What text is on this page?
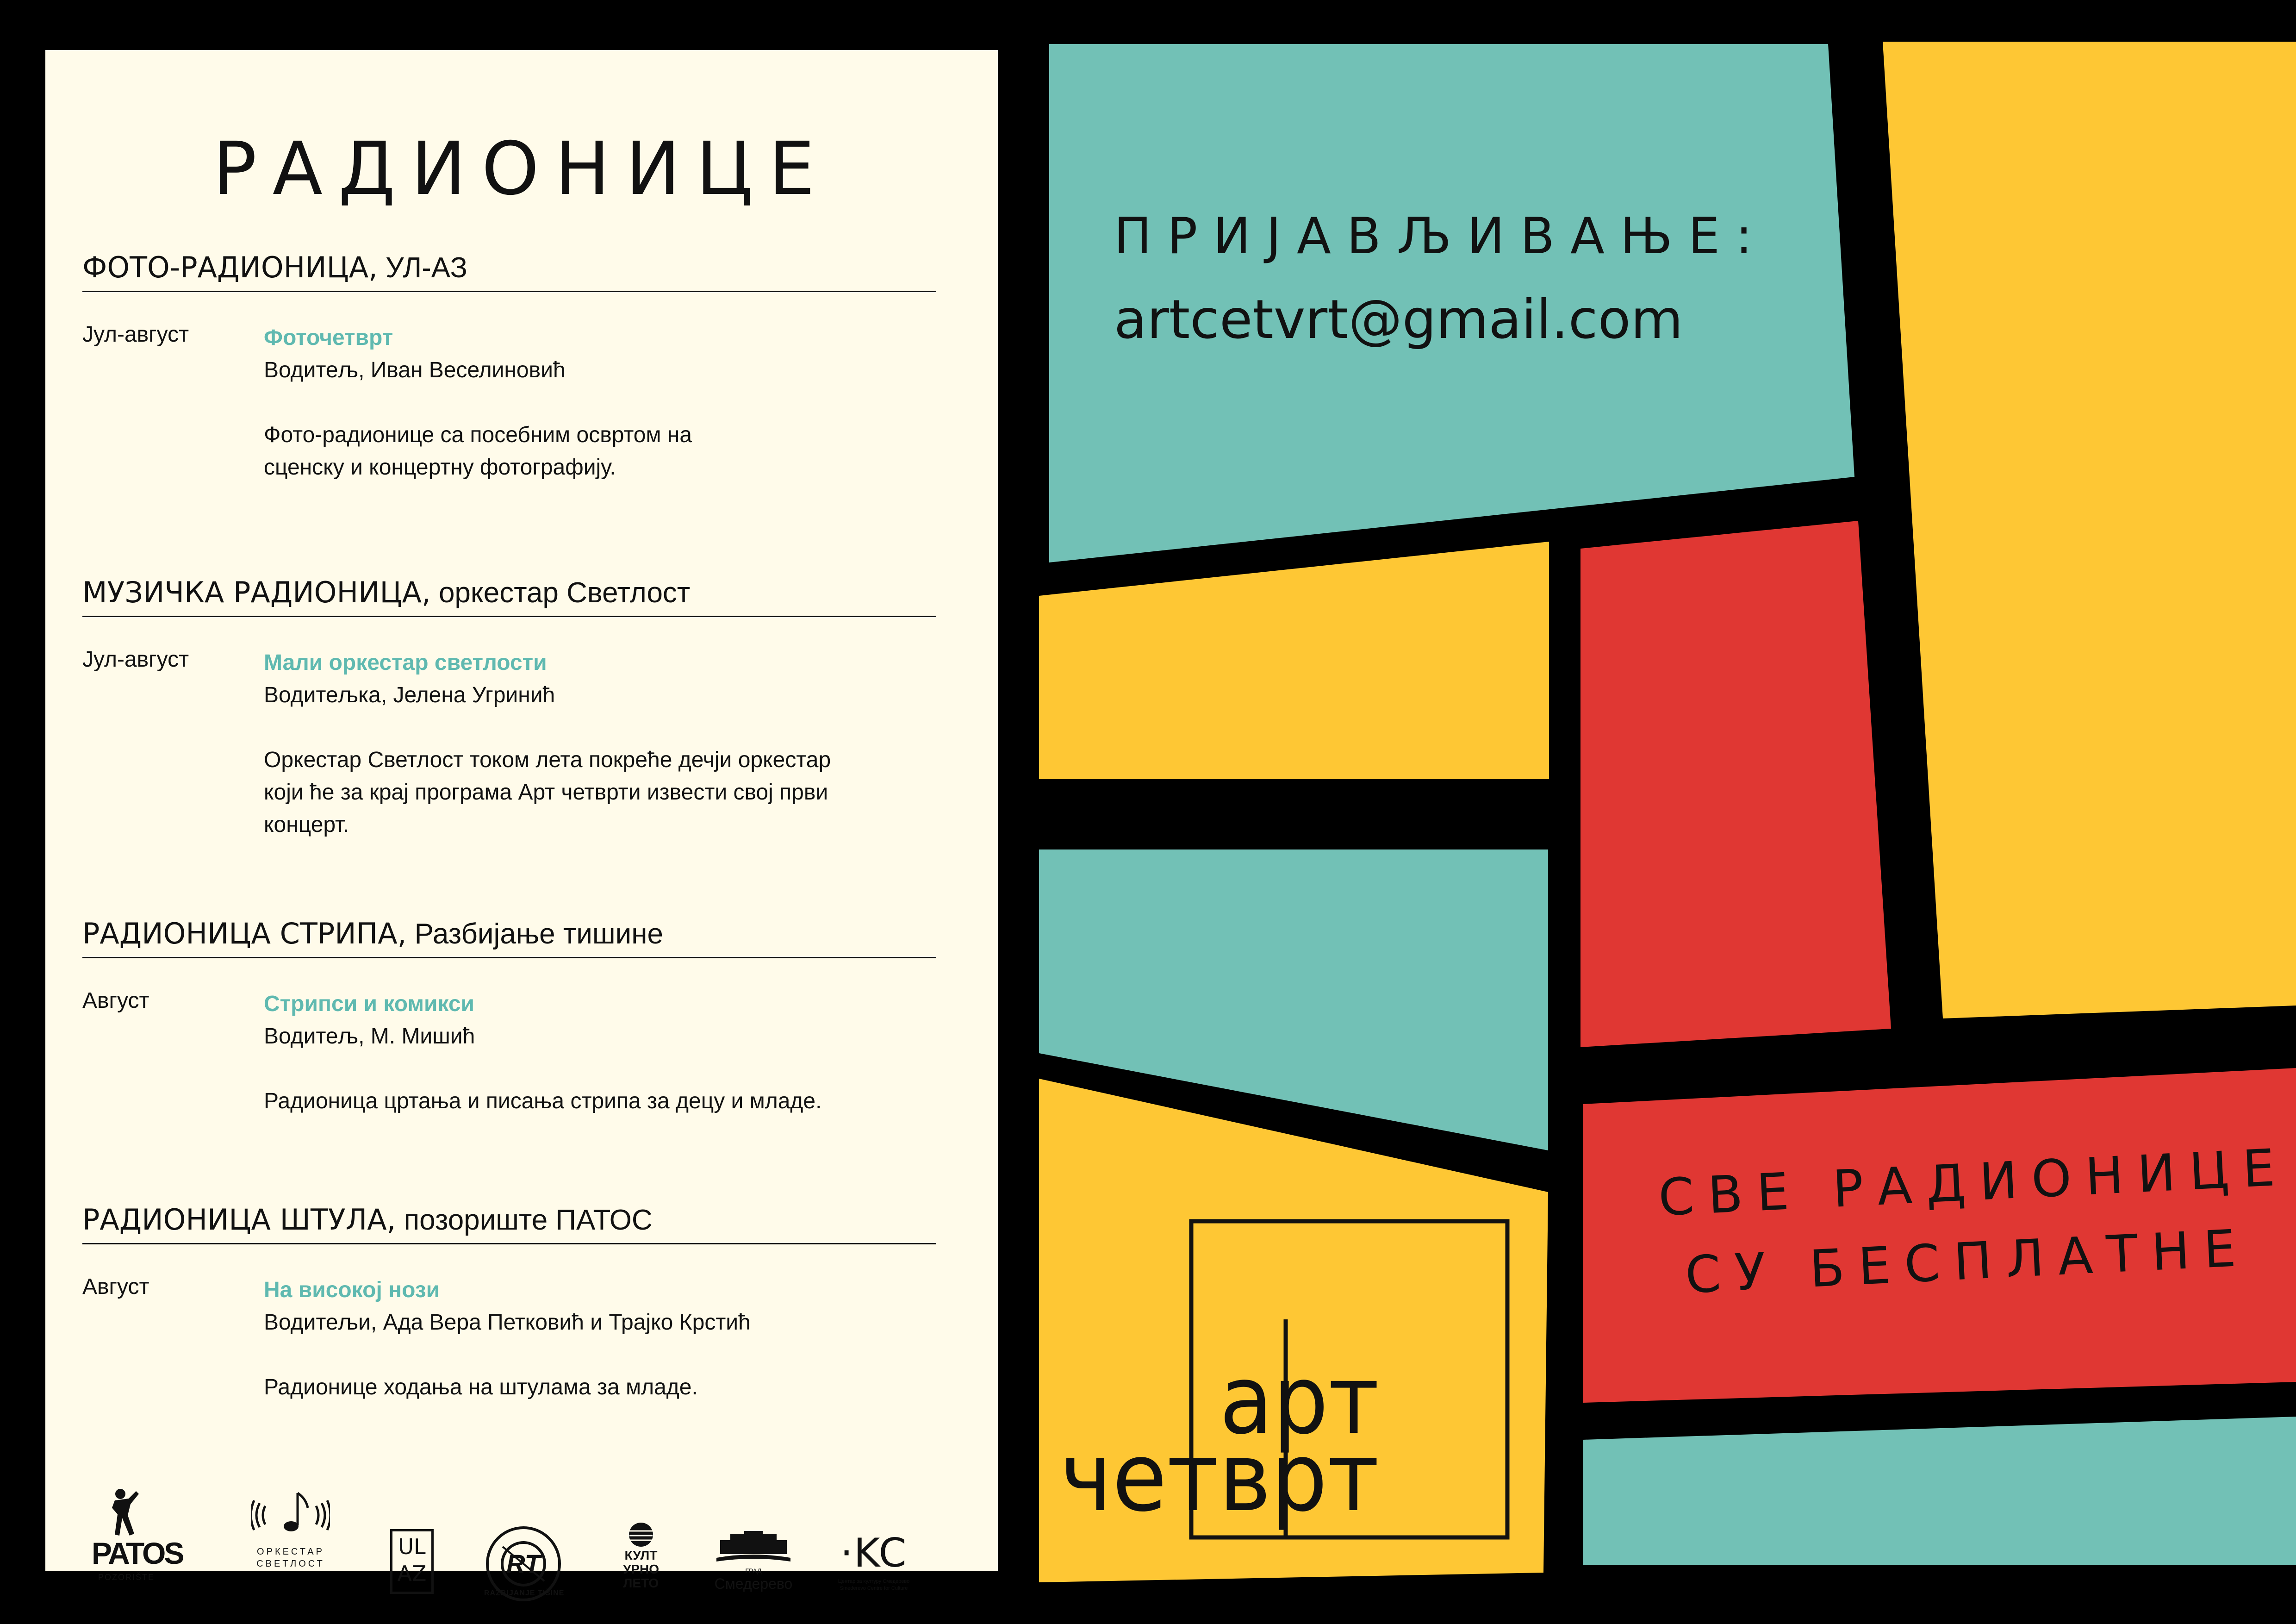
арт
четврт
РАДИОНИЦЕ
ФОТО-РАДИОНИЦА, УЛ-АЗ
Јул-август	Фоточетврт
Водитељ, Иван Веселиновић
Фото-радионице са посебним освртом на
сценску и концертну фотографију.
МУЗИЧКА РАДИОНИЦА, оркестар Светлост
Јул-август	Мали оркестар светлости
Водитељка, Јелена Угринић
Оркестар Светлост током лета покреће дечји оркестар
који ће за крај програма Арт четврти извести свој први
концерт.
РАДИОНИЦА СТРИПА, Разбијање тишине
Август	Стрипси и комикси
Водитељ, М. Мишић
Радионица цртања и писања стрипа за децу и младе.
РАДИОНИЦА ШТУЛА, позориште ПАТОС
Август	На високој нози
Водитељи, Ада Вера Петковић и Трајко Крстић
Радионице ходања на штулама за младе.
PATOS
POZORIŠTE
ОРКЕСТАР
СВЕТЛОСТ
UL
AZ	RT
RAZBIJANJE TIŠINE
КУЛТ
УРНО
ЛЕТО
ГРАД
Смедерево
·KC
Центар за културу Смедерево
Smederevo Centre for Culture
ПРИЈАВЉИВАЊЕ:
artcetvrt@gmail.com
СВЕ РАДИОНИЦЕ
СУ БЕСПЛАТНЕ
